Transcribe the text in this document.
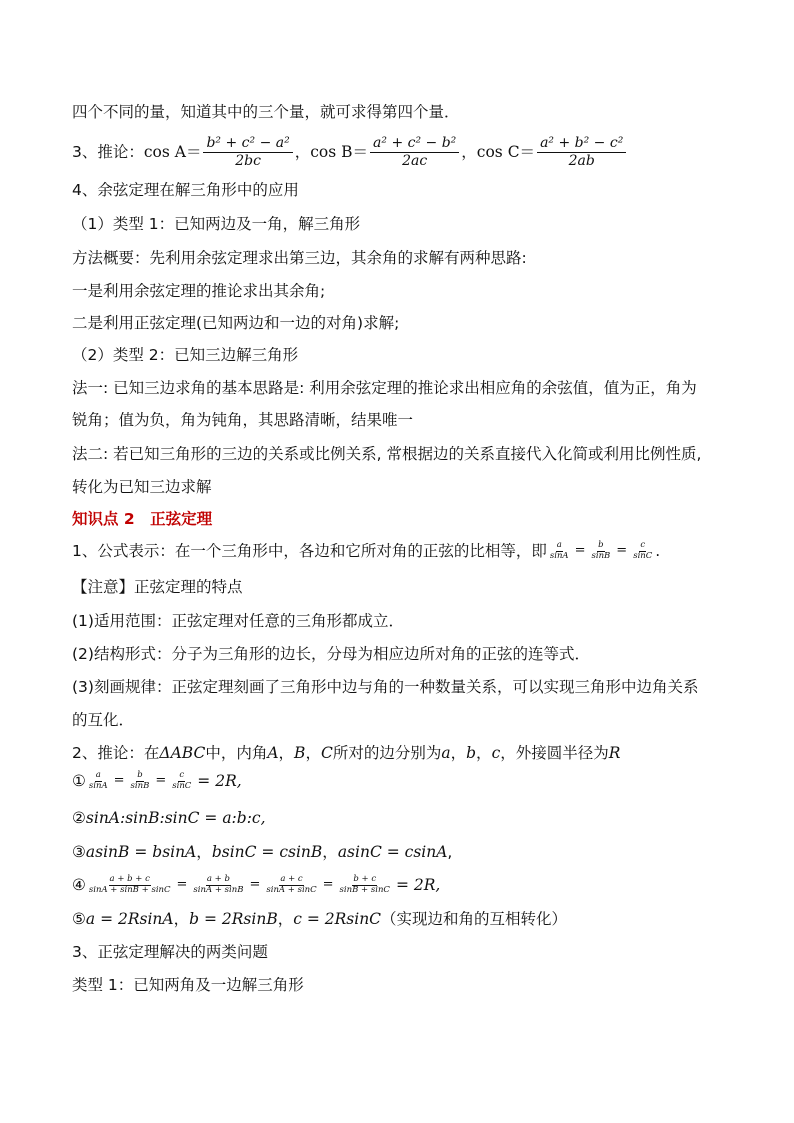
四个不同的量，知道其中的三个量，就可求得第四个量．
3、推论： $\cos A= \frac{\text{b² + c² − a²}}{2bc}$ ， $\cos B= \frac{\text{a² + c² − b²}}{2ac}$ ， $\cos C= \frac{\text{a² + b² − c²}}{2ab}$
4、余弦定理在解三角形中的应用
（1）类型 1：已知两边及一角，解三角形
方法概要：先利用余弦定理求出第三边，其余角的求解有两种思路:
一是利用余弦定理的推论求出其余角;
二是利用正弦定理(已知两边和一边的对角)求解;
（2）类型 2：已知三边解三角形
法一: 已知三边求角的基本思路是: 利用余弦定理的推论求出相应角的余弦值，值为正，角为
锐角；值为负，角为钝角，其思路清晰，结果唯一
法二: 若已知三角形的三边的关系或比例关系, 常根据边的关系直接代入化简或利用比例性质,
转化为已知三边求解
知识点 2　正弦定理
1、公式表示：在一个三角形中，各边和它所对角的正弦的比相等，即 $\frac{a}{\sin A} = \frac{b}{\sin B} = \frac{c}{\sin C}$ .
【注意】正弦定理的特点
(1)适用范围：正弦定理对任意的三角形都成立．
(2)结构形式：分子为三角形的边长，分母为相应边所对角的正弦的连等式．
(3)刻画规律：正弦定理刻画了三角形中边与角的一种数量关系，可以实现三角形中边角关系
的互化．
2、推论：在ΔABC中，内角A，B，C所对的边分别为a，b，c，外接圆半径为R
① $\frac{a}{\sin A} = \frac{b}{\sin B} = \frac{c}{\sin C} = 2R$,
②sinA:sinB:sinC = a:b:c,
③asinB = bsinA，bsinC = csinB，asinC = csinA,
④ $\frac{a + b + c}{\sin A + \sin B + \sin C} = \frac{a + b}{\sin A + \sin B} = \frac{a + c}{\sin A + \sin C} = \frac{b + c}{\sin B + \sin C} = 2R$,
⑤a = 2RsinA，b = 2RsinB，c = 2RsinC（实现边和角的互相转化）
3、正弦定理解决的两类问题
类型 1：已知两角及一边解三角形
